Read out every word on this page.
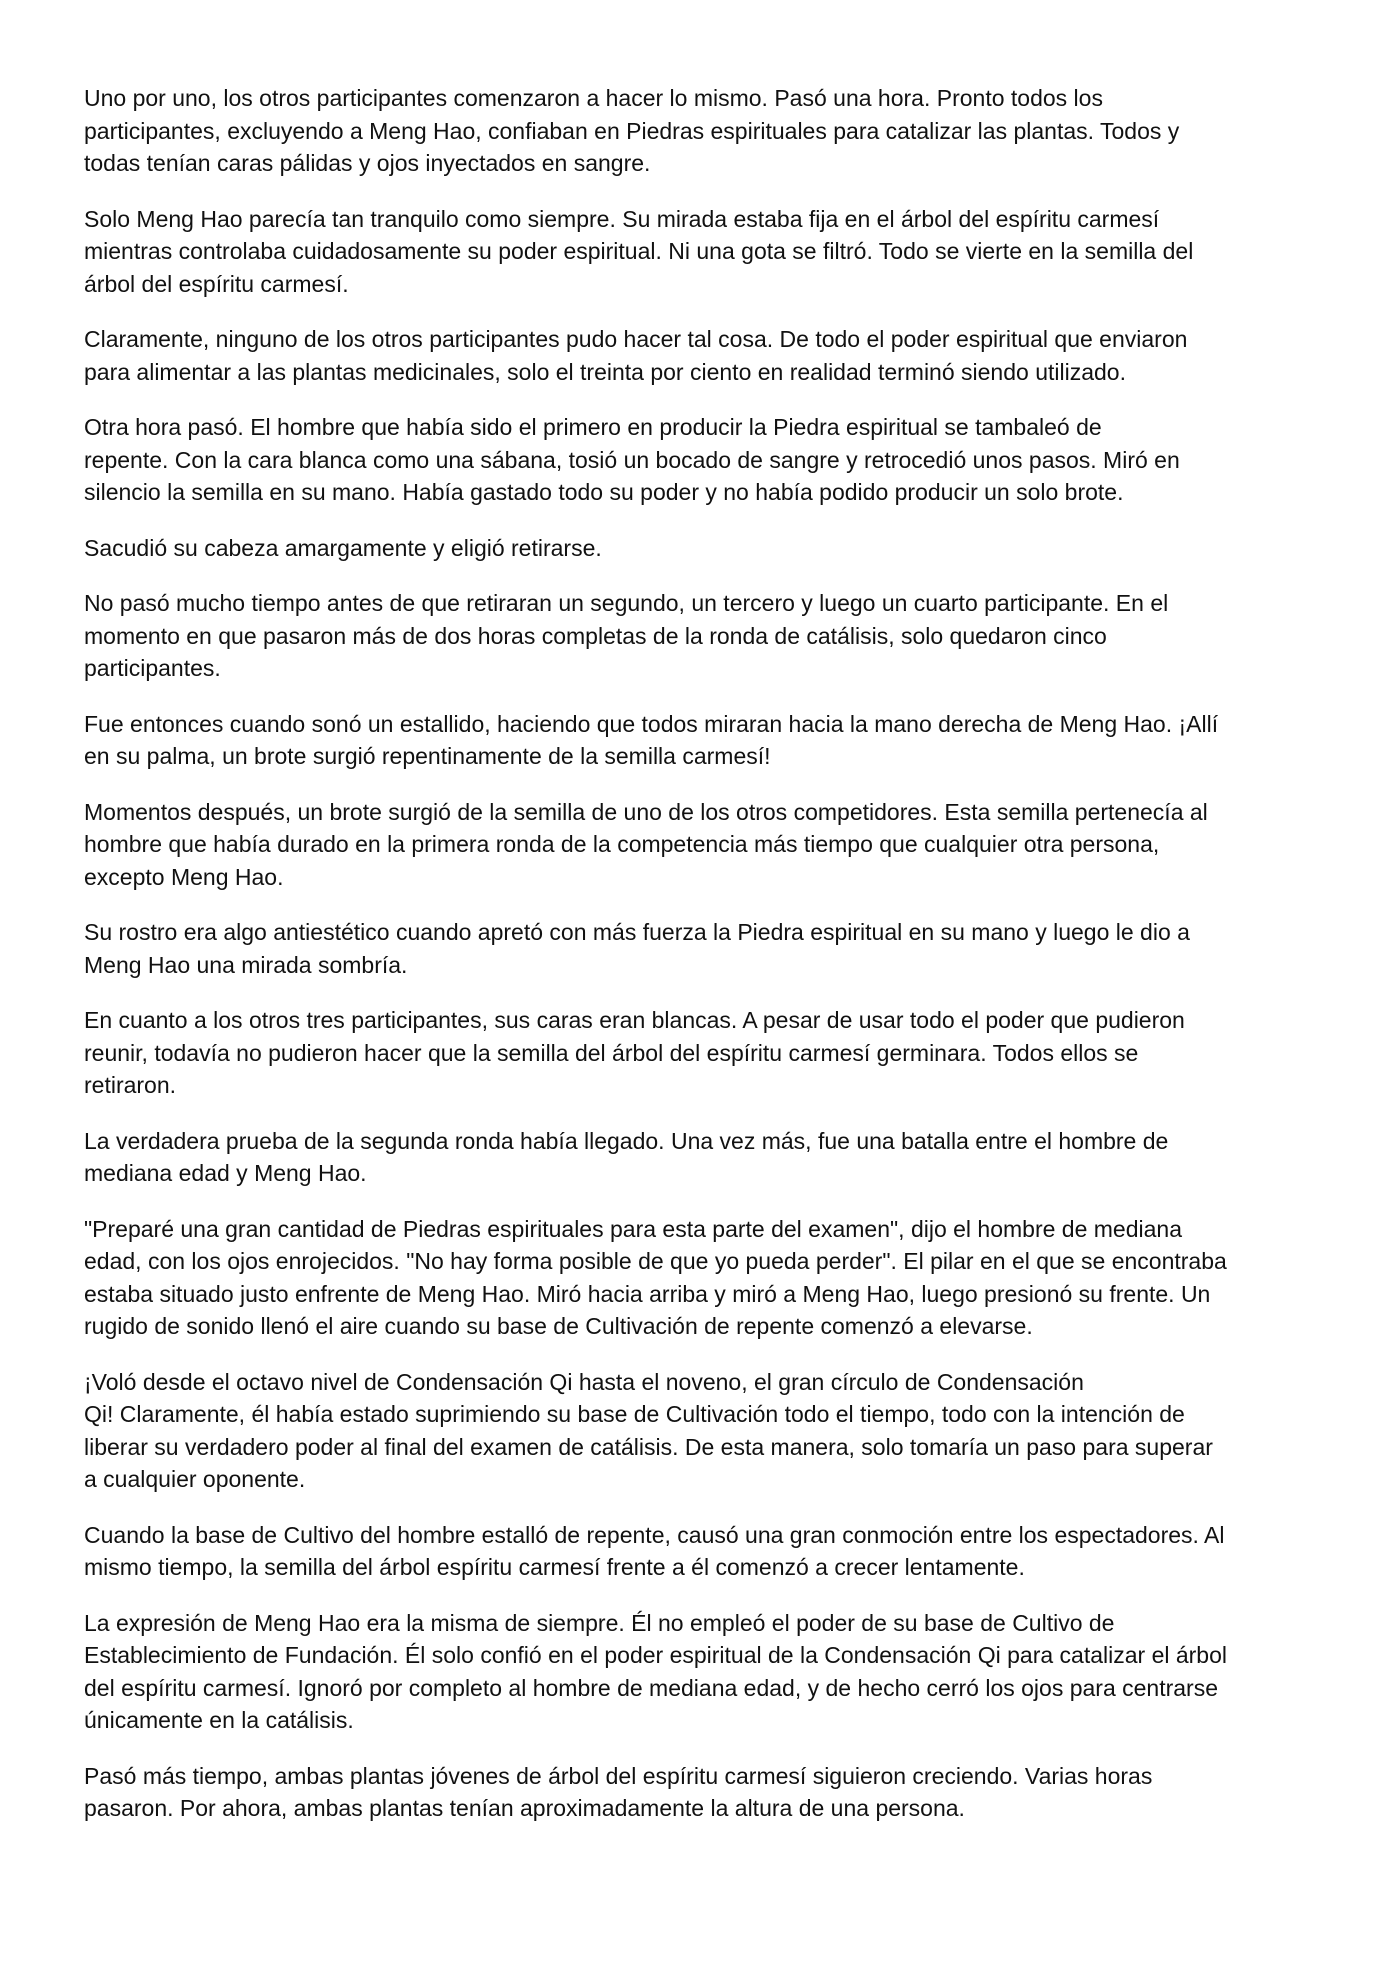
Uno por uno, los otros participantes comenzaron a hacer lo mismo. Pasó una hora. Pronto todos los
participantes, excluyendo a Meng Hao, confiaban en Piedras espirituales para catalizar las plantas. Todos y
todas tenían caras pálidas y ojos inyectados en sangre.

Solo Meng Hao parecía tan tranquilo como siempre. Su mirada estaba fija en el árbol del espíritu carmesí
mientras controlaba cuidadosamente su poder espiritual. Ni una gota se filtró. Todo se vierte en la semilla del
árbol del espíritu carmesí.

Claramente, ninguno de los otros participantes pudo hacer tal cosa. De todo el poder espiritual que enviaron
para alimentar a las plantas medicinales, solo el treinta por ciento en realidad terminó siendo utilizado.

Otra hora pasó. El hombre que había sido el primero en producir la Piedra espiritual se tambaleó de
repente. Con la cara blanca como una sábana, tosió un bocado de sangre y retrocedió unos pasos. Miró en
silencio la semilla en su mano. Había gastado todo su poder y no había podido producir un solo brote.

Sacudió su cabeza amargamente y eligió retirarse.

No pasó mucho tiempo antes de que retiraran un segundo, un tercero y luego un cuarto participante. En el
momento en que pasaron más de dos horas completas de la ronda de catálisis, solo quedaron cinco
participantes.

Fue entonces cuando sonó un estallido, haciendo que todos miraran hacia la mano derecha de Meng Hao. ¡Allí
en su palma, un brote surgió repentinamente de la semilla carmesí!

Momentos después, un brote surgió de la semilla de uno de los otros competidores. Esta semilla pertenecía al
hombre que había durado en la primera ronda de la competencia más tiempo que cualquier otra persona,
excepto Meng Hao.

Su rostro era algo antiestético cuando apretó con más fuerza la Piedra espiritual en su mano y luego le dio a
Meng Hao una mirada sombría.

En cuanto a los otros tres participantes, sus caras eran blancas. A pesar de usar todo el poder que pudieron
reunir, todavía no pudieron hacer que la semilla del árbol del espíritu carmesí germinara. Todos ellos se
retiraron.

La verdadera prueba de la segunda ronda había llegado. Una vez más, fue una batalla entre el hombre de
mediana edad y Meng Hao.

"Preparé una gran cantidad de Piedras espirituales para esta parte del examen", dijo el hombre de mediana
edad, con los ojos enrojecidos. "No hay forma posible de que yo pueda perder". El pilar en el que se encontraba
estaba situado justo enfrente de Meng Hao. Miró hacia arriba y miró a Meng Hao, luego presionó su frente. Un
rugido de sonido llenó el aire cuando su base de Cultivación de repente comenzó a elevarse.

¡Voló desde el octavo nivel de Condensación Qi hasta el noveno, el gran círculo de Condensación
Qi! Claramente, él había estado suprimiendo su base de Cultivación todo el tiempo, todo con la intención de
liberar su verdadero poder al final del examen de catálisis. De esta manera, solo tomaría un paso para superar
a cualquier oponente.

Cuando la base de Cultivo del hombre estalló de repente, causó una gran conmoción entre los espectadores. Al
mismo tiempo, la semilla del árbol espíritu carmesí frente a él comenzó a crecer lentamente.

La expresión de Meng Hao era la misma de siempre. Él no empleó el poder de su base de Cultivo de
Establecimiento de Fundación. Él solo confió en el poder espiritual de la Condensación Qi para catalizar el árbol
del espíritu carmesí. Ignoró por completo al hombre de mediana edad, y de hecho cerró los ojos para centrarse
únicamente en la catálisis.

Pasó más tiempo, ambas plantas jóvenes de árbol del espíritu carmesí siguieron creciendo. Varias horas
pasaron. Por ahora, ambas plantas tenían aproximadamente la altura de una persona.
